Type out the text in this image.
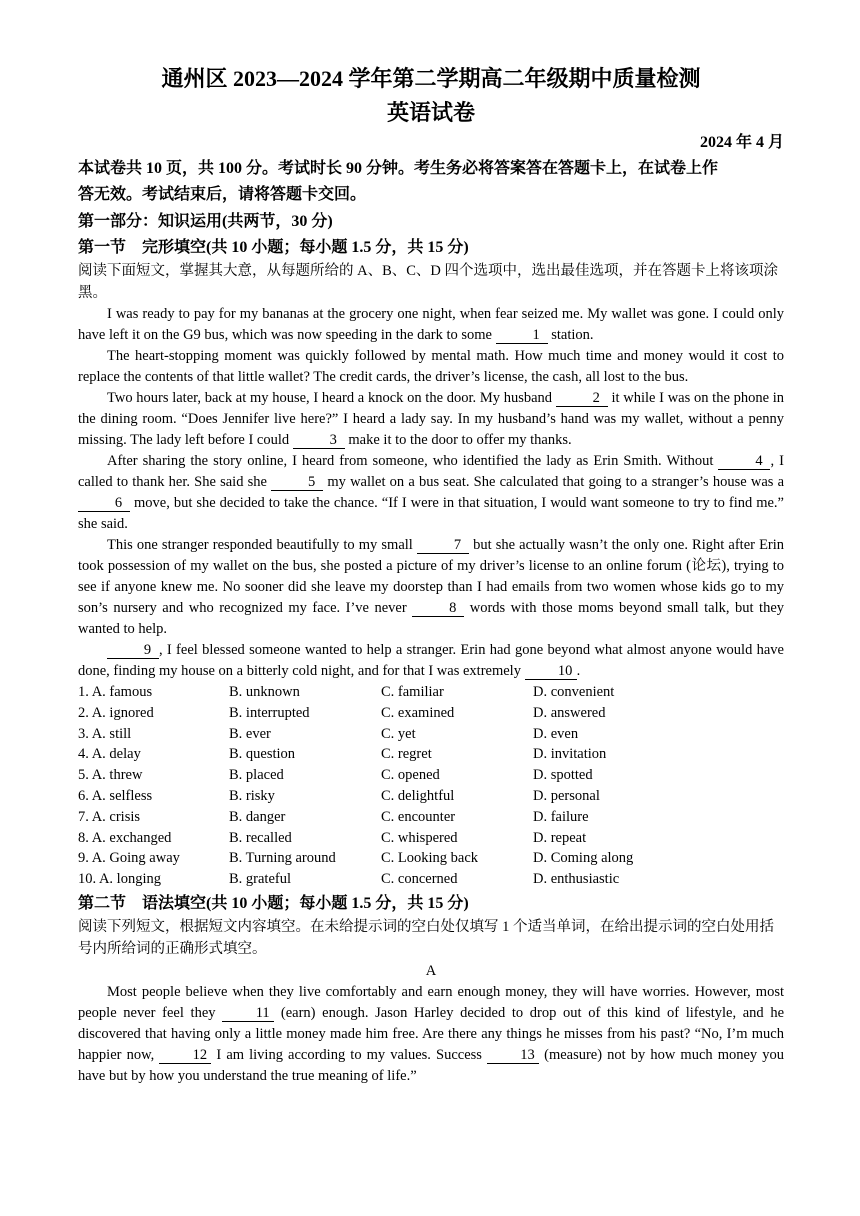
通州区 2023—2024 学年第二学期高二年级期中质量检测
英语试卷
2024 年 4 月
本试卷共 10 页，共 100 分。考试时长 90 分钟。考生务必将答案答在答题卡上，在试卷上作
答无效。考试结束后，请将答题卡交回。
第一部分：知识运用(共两节，30 分)
第一节　完形填空(共 10 小题；每小题 1.5 分，共 15 分)
阅读下面短文，掌握其大意，从每题所给的 A、B、C、D 四个选项中，选出最佳选项，并在答题卡上将该项涂黑。

I was ready to pay for my bananas at the grocery one night, when fear seized me. My wallet was gone. I could only have left it on the G9 bus, which was now speeding in the dark to some	1 station.

The heart-stopping moment was quickly followed by mental math. How much time and money would it cost to replace the contents of that little wallet? The credit cards, the driver’s license, the cash, all lost to the bus.

Two hours later, back at my house, I heard a knock on the door. My husband	2 it while I was on the phone in the dining room. “Does Jennifer live here?” I heard a lady say. In my husband’s hand was my wallet, without a penny missing. The lady left before I could	3 make it to the door to offer my thanks.

After sharing the story online, I heard from someone, who identified the lady as Erin Smith. Without	4 , I called to thank her. She said she	5 my wallet on a bus seat. She calculated that going to a stranger’s house was a 6 move, but she decided to take the chance. “If I were in that situation, I would want someone to try to find me.” she said.

This one stranger responded beautifully to my small	7 but she actually wasn’t the only one. Right after Erin took possession of my wallet on the bus, she posted a picture of my driver’s license to an online forum (论坛), trying to see if anyone knew me. No sooner did she leave my doorstep than I had emails from two women whose kids go to my son’s nursery and who recognized my face. I’ve never	8 words with those moms beyond small talk, but they wanted to help.

9 , I feel blessed someone wanted to help a stranger. Erin had gone beyond what almost anyone would have done, finding my house on a bitterly cold night, and for that I was extremely	10 .

1. A. famous	B. unknown	C. familiar	D. convenient
2. A. ignored	B. interrupted	C. examined	D. answered
3. A. still	B. ever	C. yet	D. even
4. A. delay	B. question	C. regret	D. invitation
5. A. threw	B. placed	C. opened	D. spotted
6. A. selfless	B. risky	C. delightful	D. personal
7. A. crisis	B. danger	C. encounter	D. failure
8. A. exchanged	B. recalled	C. whispered	D. repeat
9. A. Going away	B. Turning around	C. Looking back	D. Coming along
10. A. longing	B. grateful	C. concerned	D. enthusiastic
第二节　语法填空(共 10 小题；每小题 1.5 分，共 15 分)
阅读下列短文，根据短文内容填空。在未给提示词的空白处仅填写 1 个适当单词，在给出提示词的空白处用括号内所给词的正确形式填空。
A

Most people believe when they live comfortably and earn enough money, they will have worries. However, most people never feel they	11 (earn) enough. Jason Harley decided to drop out of this kind of lifestyle, and he discovered that having only a little money made him free. Are there any things he misses from his past? “No, I’m much happier now,	12 I am living according to my values. Success	13 (measure) not by how much money you have but by how you understand the true meaning of life.”
